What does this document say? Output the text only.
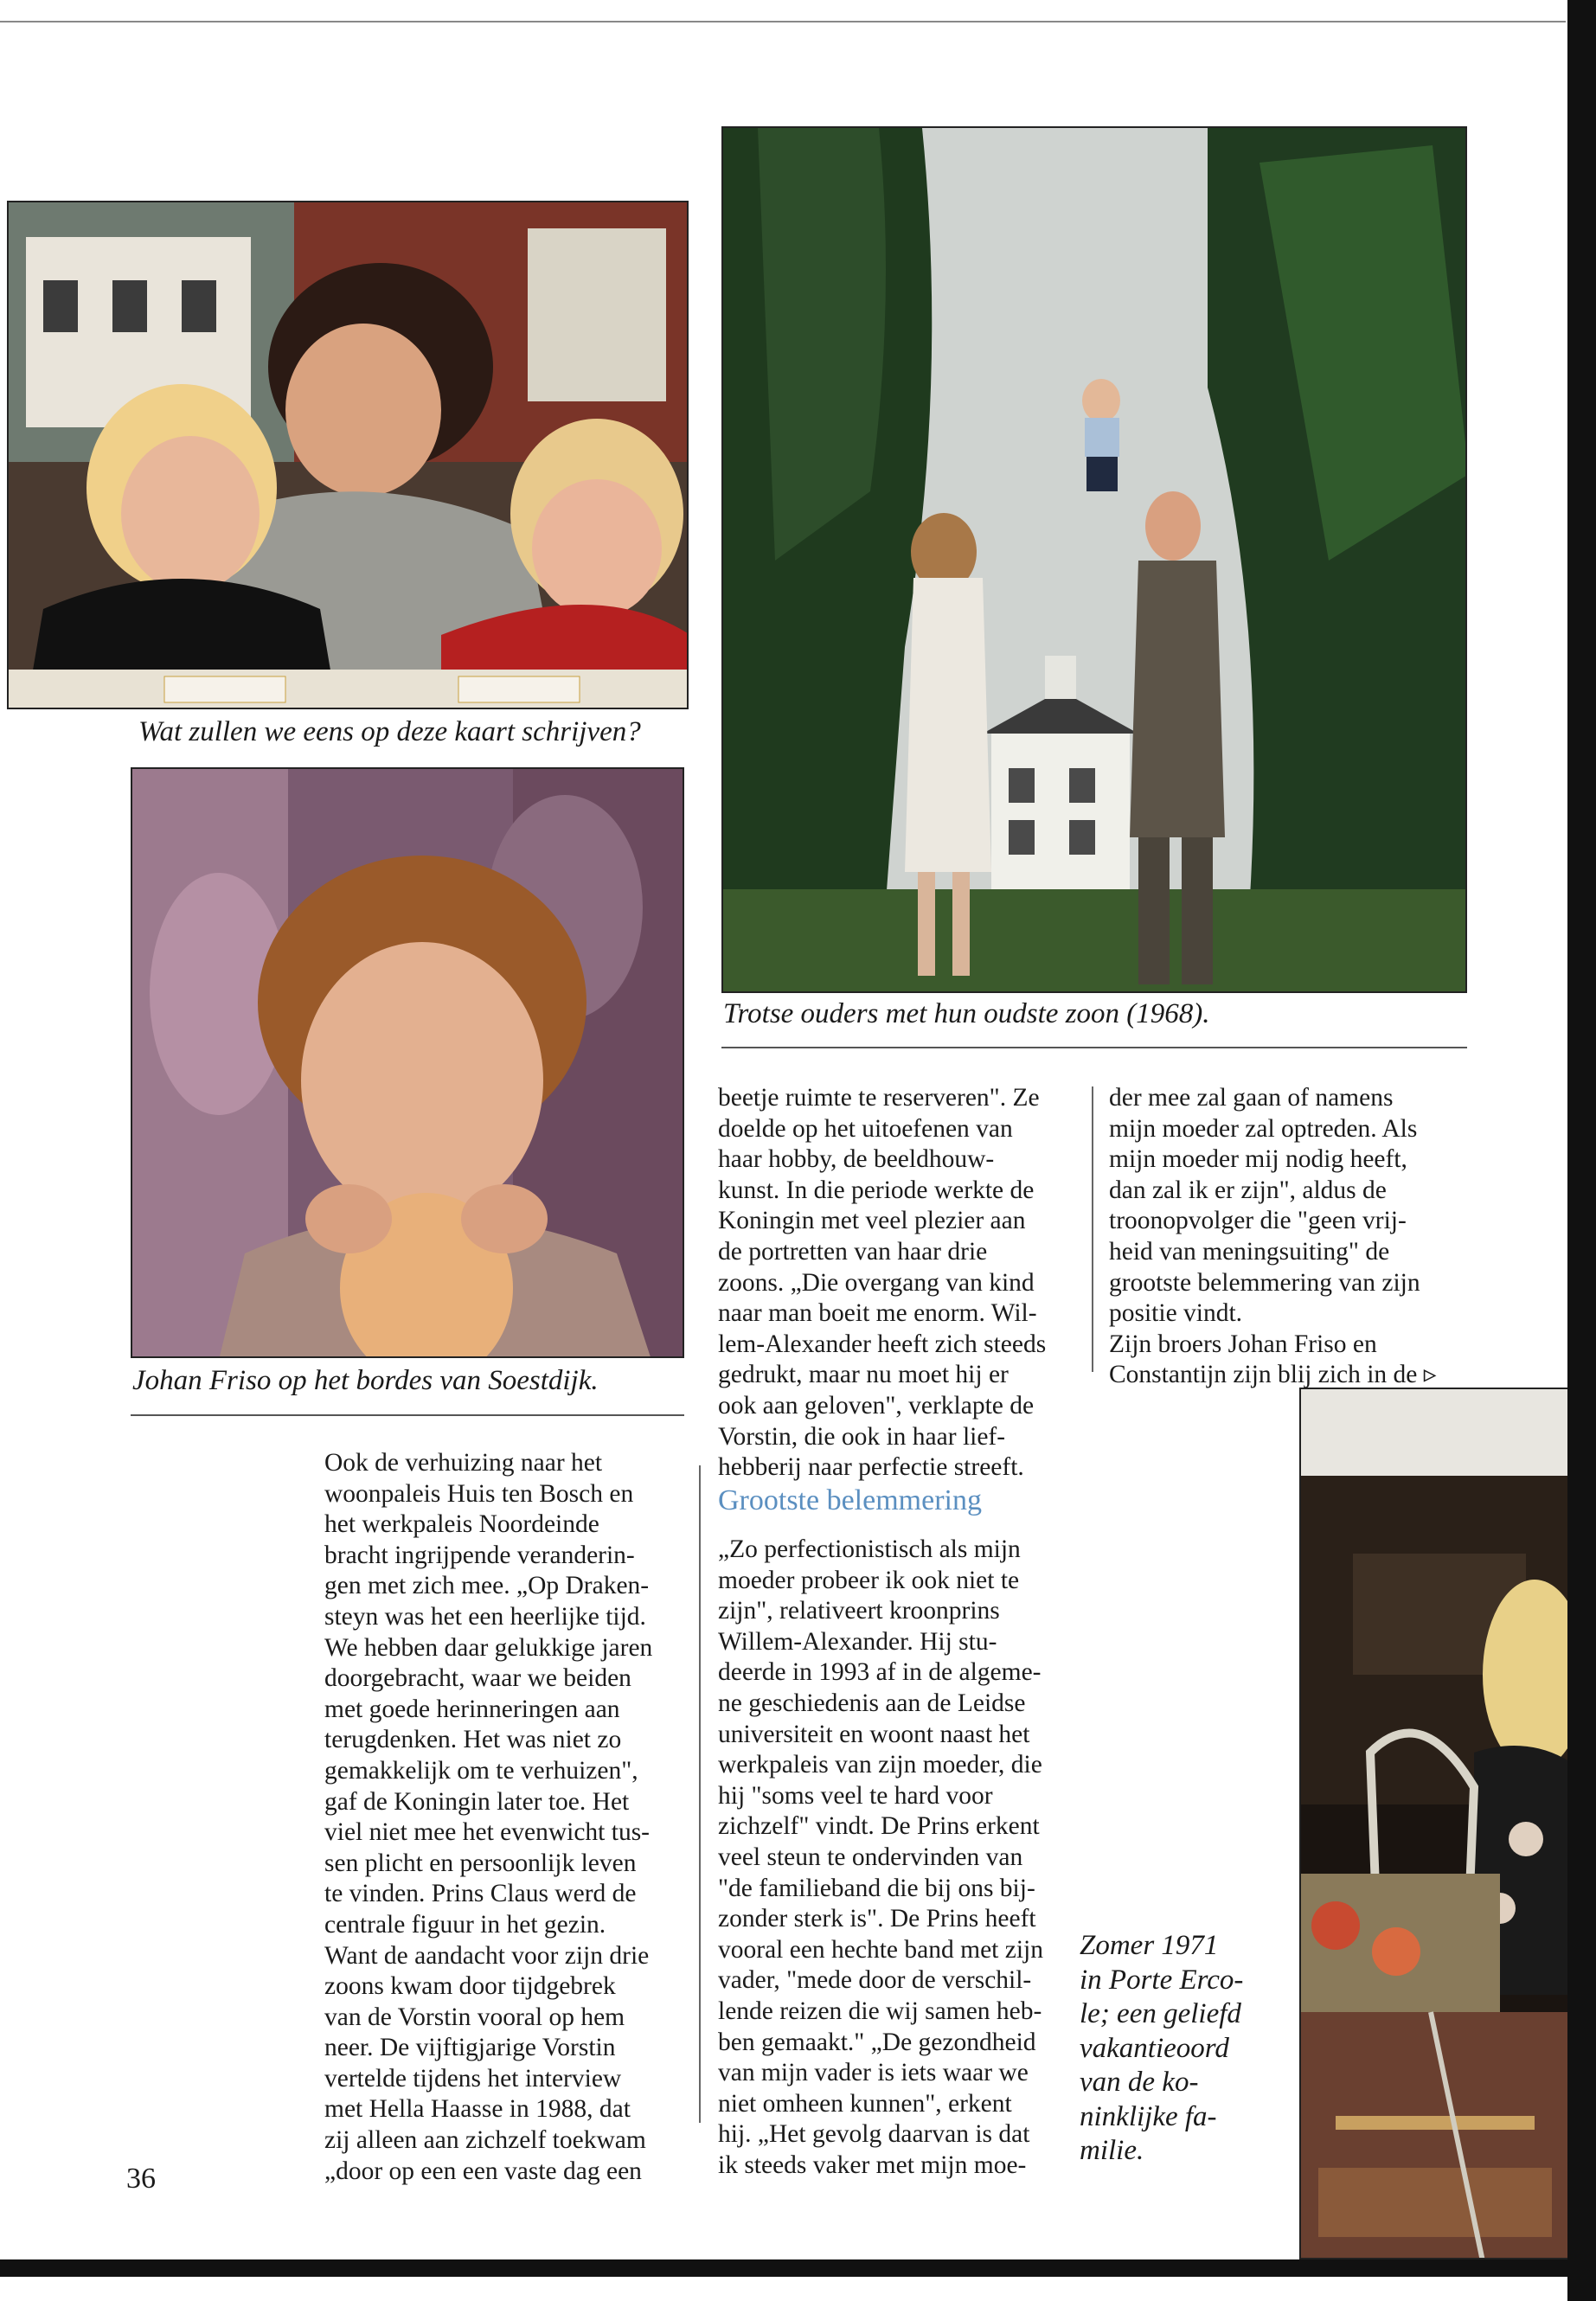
Wat zullen we eens op deze kaart schrijven?
Johan Friso op het bordes van Soestdijk.
Trotse ouders met hun oudste zoon (1968).
Zomer 1971
in Porte Erco-
le; een geliefd
vakantieoord
van de ko-
ninklijke fa-
milie.
Ook de verhuizing naar het
woonpaleis Huis ten Bosch en
het werkpaleis Noordeinde
bracht ingrijpende veranderin-
gen met zich mee. „Op Draken-
steyn was het een heerlijke tijd.
We hebben daar gelukkige jaren
doorgebracht, waar we beiden
met goede herinneringen aan
terugdenken. Het was niet zo
gemakkelijk om te verhuizen",
gaf de Koningin later toe. Het
viel niet mee het evenwicht tus-
sen plicht en persoonlijk leven
te vinden. Prins Claus werd de
centrale figuur in het gezin.
Want de aandacht voor zijn drie
zoons kwam door tijdgebrek
van de Vorstin vooral op hem
neer. De vijftigjarige Vorstin
vertelde tijdens het interview
met Hella Haasse in 1988, dat
zij alleen aan zichzelf toekwam
„door op een een vaste dag een
beetje ruimte te reserveren". Ze
doelde op het uitoefenen van
haar hobby, de beeldhouw-
kunst. In die periode werkte de
Koningin met veel plezier aan
de portretten van haar drie
zoons. „Die overgang van kind
naar man boeit me enorm. Wil-
lem-Alexander heeft zich steeds
gedrukt, maar nu moet hij er
ook aan geloven", verklapte de
Vorstin, die ook in haar lief-
hebberij naar perfectie streeft.
Grootste belemmering
„Zo perfectionistisch als mijn
moeder probeer ik ook niet te
zijn", relativeert kroonprins
Willem-Alexander. Hij stu-
deerde in 1993 af in de algeme-
ne geschiedenis aan de Leidse
universiteit en woont naast het
werkpaleis van zijn moeder, die
hij "soms veel te hard voor
zichzelf" vindt. De Prins erkent
veel steun te ondervinden van
"de familieband die bij ons bij-
zonder sterk is". De Prins heeft
vooral een hechte band met zijn
vader, "mede door de verschil-
lende reizen die wij samen heb-
ben gemaakt." „De gezondheid
van mijn vader is iets waar we
niet omheen kunnen", erkent
hij. „Het gevolg daarvan is dat
ik steeds vaker met mijn moe-
der mee zal gaan of namens
mijn moeder zal optreden. Als
mijn moeder mij nodig heeft,
dan zal ik er zijn", aldus de
troonopvolger die "geen vrij-
heid van meningsuiting" de
grootste belemmering van zijn
positie vindt.
Zijn broers Johan Friso en
Constantijn zijn blij zich in de ▹
36
